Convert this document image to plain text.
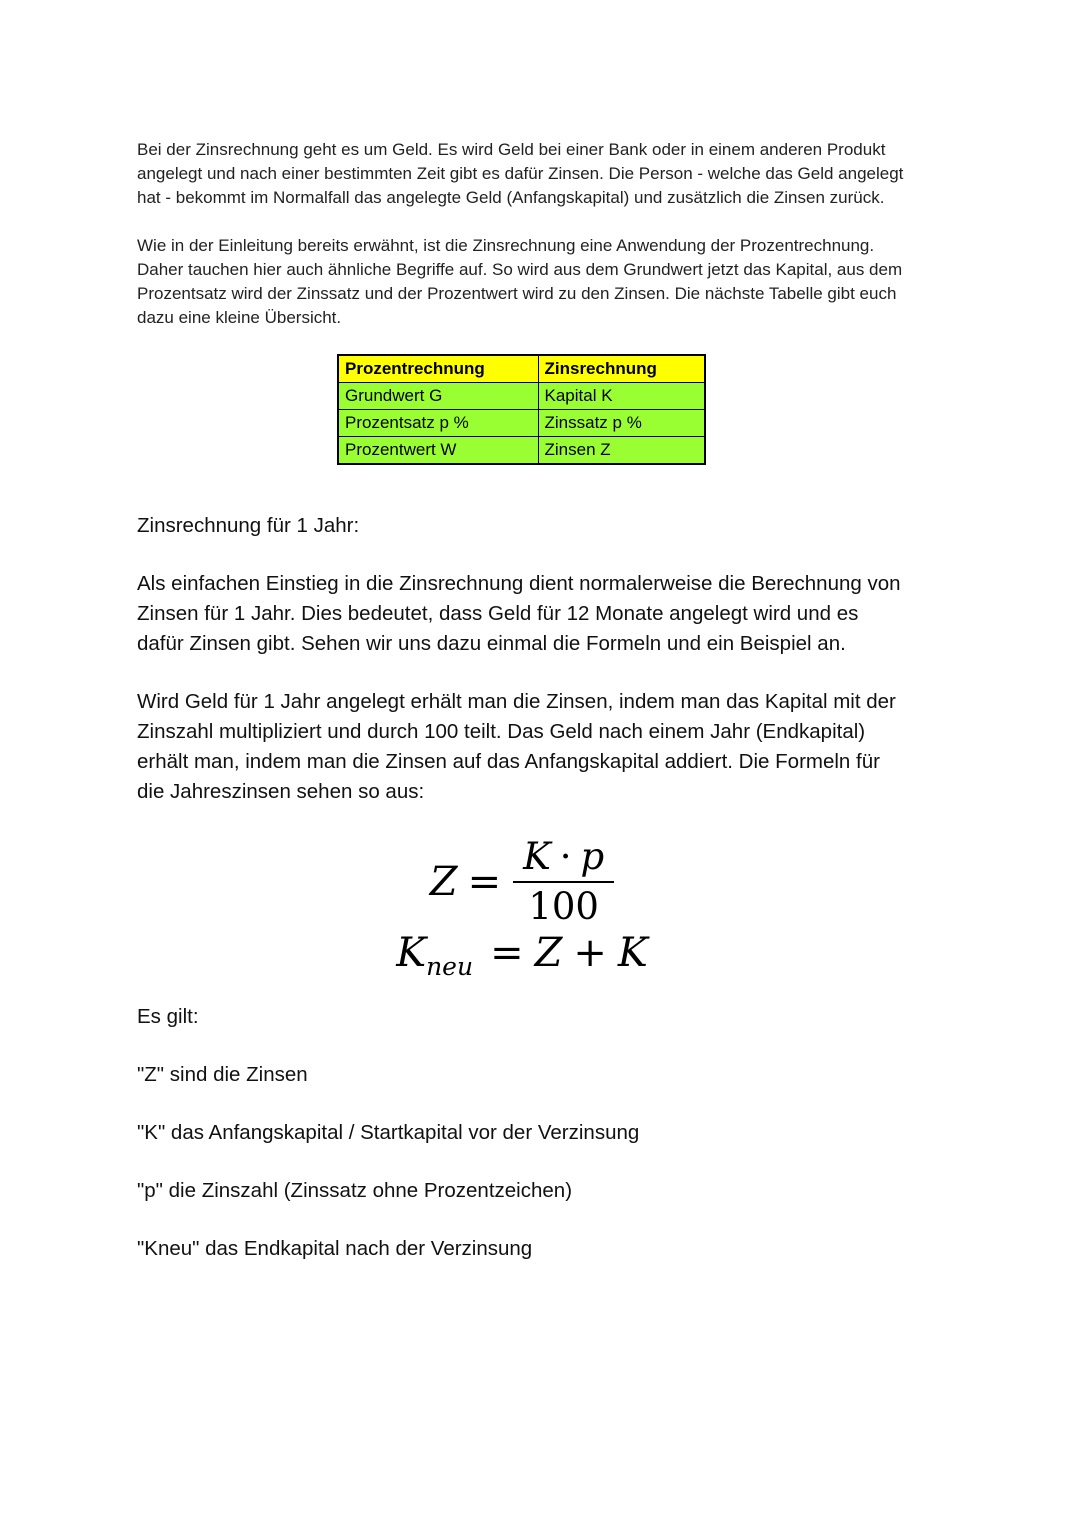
Bei der Zinsrechnung geht es um Geld. Es wird Geld bei einer Bank oder in einem anderen Produkt angelegt und nach einer bestimmten Zeit gibt es dafür Zinsen. Die Person - welche das Geld angelegt hat - bekommt im Normalfall das angelegte Geld (Anfangskapital) und zusätzlich die Zinsen zurück.

Wie in der Einleitung bereits erwähnt, ist die Zinsrechnung eine Anwendung der Prozentrechnung. Daher tauchen hier auch ähnliche Begriffe auf. So wird aus dem Grundwert jetzt das Kapital, aus dem Prozentsatz wird der Zinssatz und der Prozentwert wird zu den Zinsen. Die nächste Tabelle gibt euch dazu eine kleine Übersicht.

Prozentrechnung	Zinsrechnung
Grundwert G	Kapital K
Prozentsatz p %	Zinssatz p %
Prozentwert W	Zinsen Z

Zinsrechnung für 1 Jahr:

Als einfachen Einstieg in die Zinsrechnung dient normalerweise die Berechnung von Zinsen für 1 Jahr. Dies bedeutet, dass Geld für 12 Monate angelegt wird und es dafür Zinsen gibt. Sehen wir uns dazu einmal die Formeln und ein Beispiel an.

Wird Geld für 1 Jahr angelegt erhält man die Zinsen, indem man das Kapital mit der Zinszahl multipliziert und durch 100 teilt. Das Geld nach einem Jahr (Endkapital) erhält man, indem man die Zinsen auf das Anfangskapital addiert. Die Formeln für die Jahreszinsen sehen so aus:

$Z = \frac{K \cdot p}{100}$
K neu = Z + K

Es gilt:

"Z" sind die Zinsen

"K" das Anfangskapital / Startkapital vor der Verzinsung

"p" die Zinszahl (Zinssatz ohne Prozentzeichen)

"Kneu" das Endkapital nach der Verzinsung
